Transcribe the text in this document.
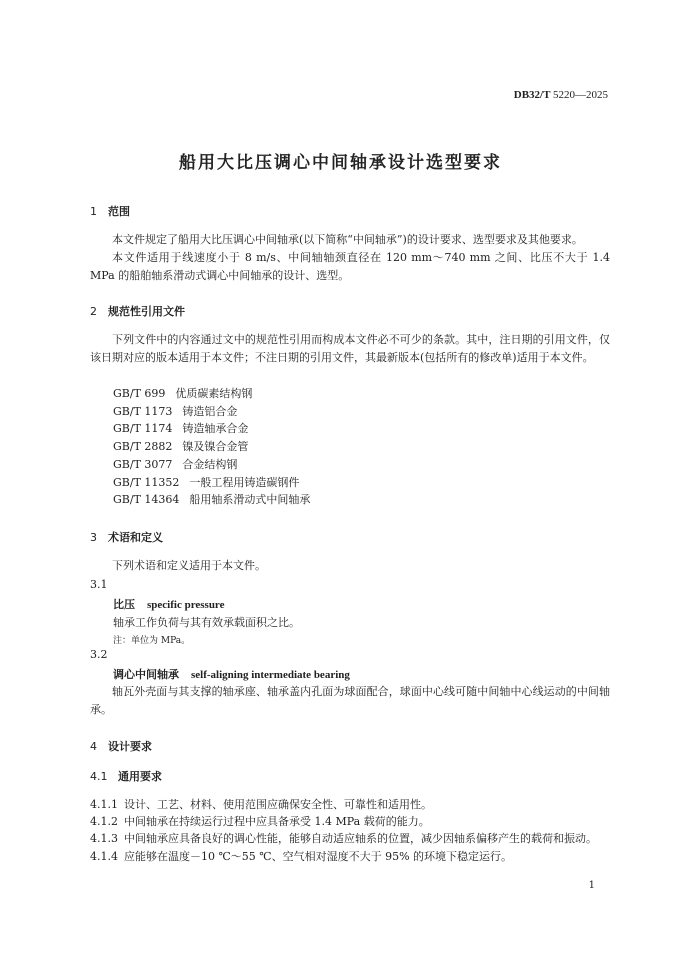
DB32/T 5220—2025
船用大比压调心中间轴承设计选型要求
1 范围
本文件规定了船用大比压调心中间轴承(以下简称“中间轴承”)的设计要求、选型要求及其他要求。
本文件适用于线速度小于 8 m/s、中间轴轴颈直径在 120 mm～740 mm 之间、比压不大于 1.4 MPa 的船舶轴系滑动式调心中间轴承的设计、选型。
2 规范性引用文件
下列文件中的内容通过文中的规范性引用而构成本文件必不可少的条款。其中，注日期的引用文件，仅该日期对应的版本适用于本文件；不注日期的引用文件，其最新版本(包括所有的修改单)适用于本文件。
GB/T 699 优质碳素结构钢
GB/T 1173 铸造铝合金
GB/T 1174 铸造轴承合金
GB/T 2882 镍及镍合金管
GB/T 3077 合金结构钢
GB/T 11352 一般工程用铸造碳钢件
GB/T 14364 船用轴系滑动式中间轴承
3 术语和定义
下列术语和定义适用于本文件。
3.1
比压 specific pressure
轴承工作负荷与其有效承载面积之比。
注：单位为 MPa。
3.2
调心中间轴承 self-aligning intermediate bearing
轴瓦外壳面与其支撑的轴承座、轴承盖内孔面为球面配合，球面中心线可随中间轴中心线运动的中间轴承。
4 设计要求
4.1 通用要求
4.1.1 设计、工艺、材料、使用范围应确保安全性、可靠性和适用性。
4.1.2 中间轴承在持续运行过程中应具备承受 1.4 MPa 载荷的能力。
4.1.3 中间轴承应具备良好的调心性能，能够自动适应轴系的位置，减少因轴系偏移产生的载荷和振动。
4.1.4 应能够在温度－10 ℃～55 ℃、空气相对湿度不大于 95% 的环境下稳定运行。
1
